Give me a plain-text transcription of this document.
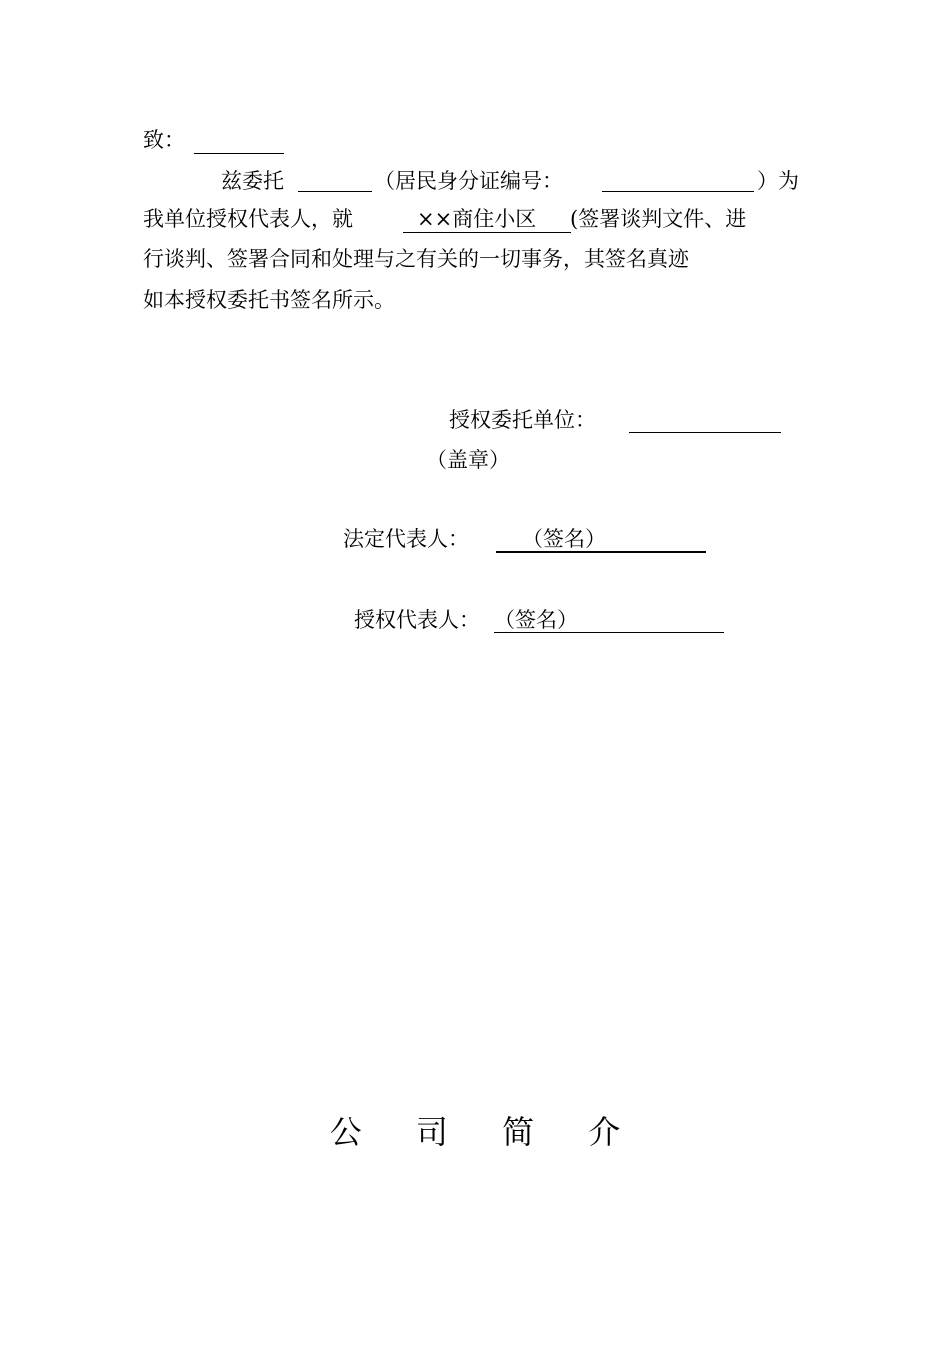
致：
兹委托	（居民身分证编号：	）为
我单位授权代表人，就	××商住小区	(签署谈判文件、进
行谈判、签署合同和处理与之有关的一切事务，其签名真迹
如本授权委托书签名所示。
授权委托单位：
（盖章）
法定代表人：	（签名）
授权代表人： （签名）
公 司 简 介
